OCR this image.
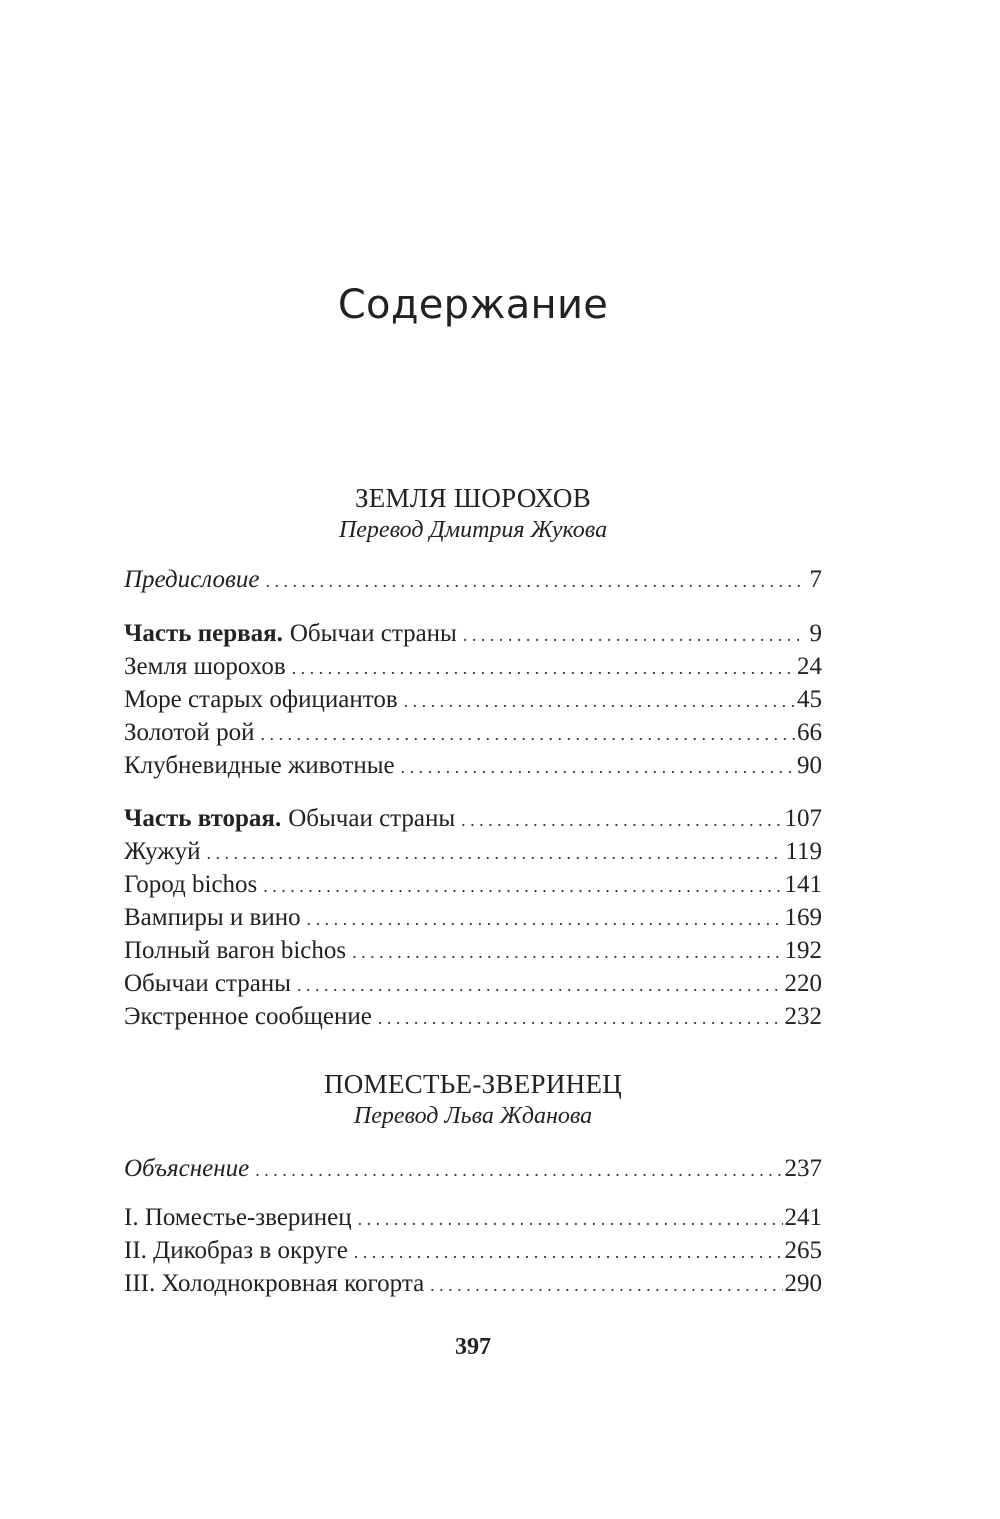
Содержание
ЗЕМЛЯ ШОРОХОВ
Перевод Дмитрия Жукова
Предисловие . . .	7
Часть первая. Обычаи страны . . .	9
Земля шорохов . . .	24
Море старых официантов . . .	45
Золотой рой . . .	66
Клубневидные животные . . .	90
Часть вторая. Обычаи страны . . .	107
Жужуй . . .	119
Город bichos . . .	141
Вампиры и вино . . .	169
Полный вагон bichos . . .	192
Обычаи страны . . .	220
Экстренное сообщение . . .	232
ПОМЕСТЬЕ-ЗВЕРИНЕЦ
Перевод Льва Жданова
Объяснение . . .	237
I. Поместье-зверинец . . .	241
II. Дикобраз в округе . . .	265
III. Холоднокровная когорта . . .	290
397
